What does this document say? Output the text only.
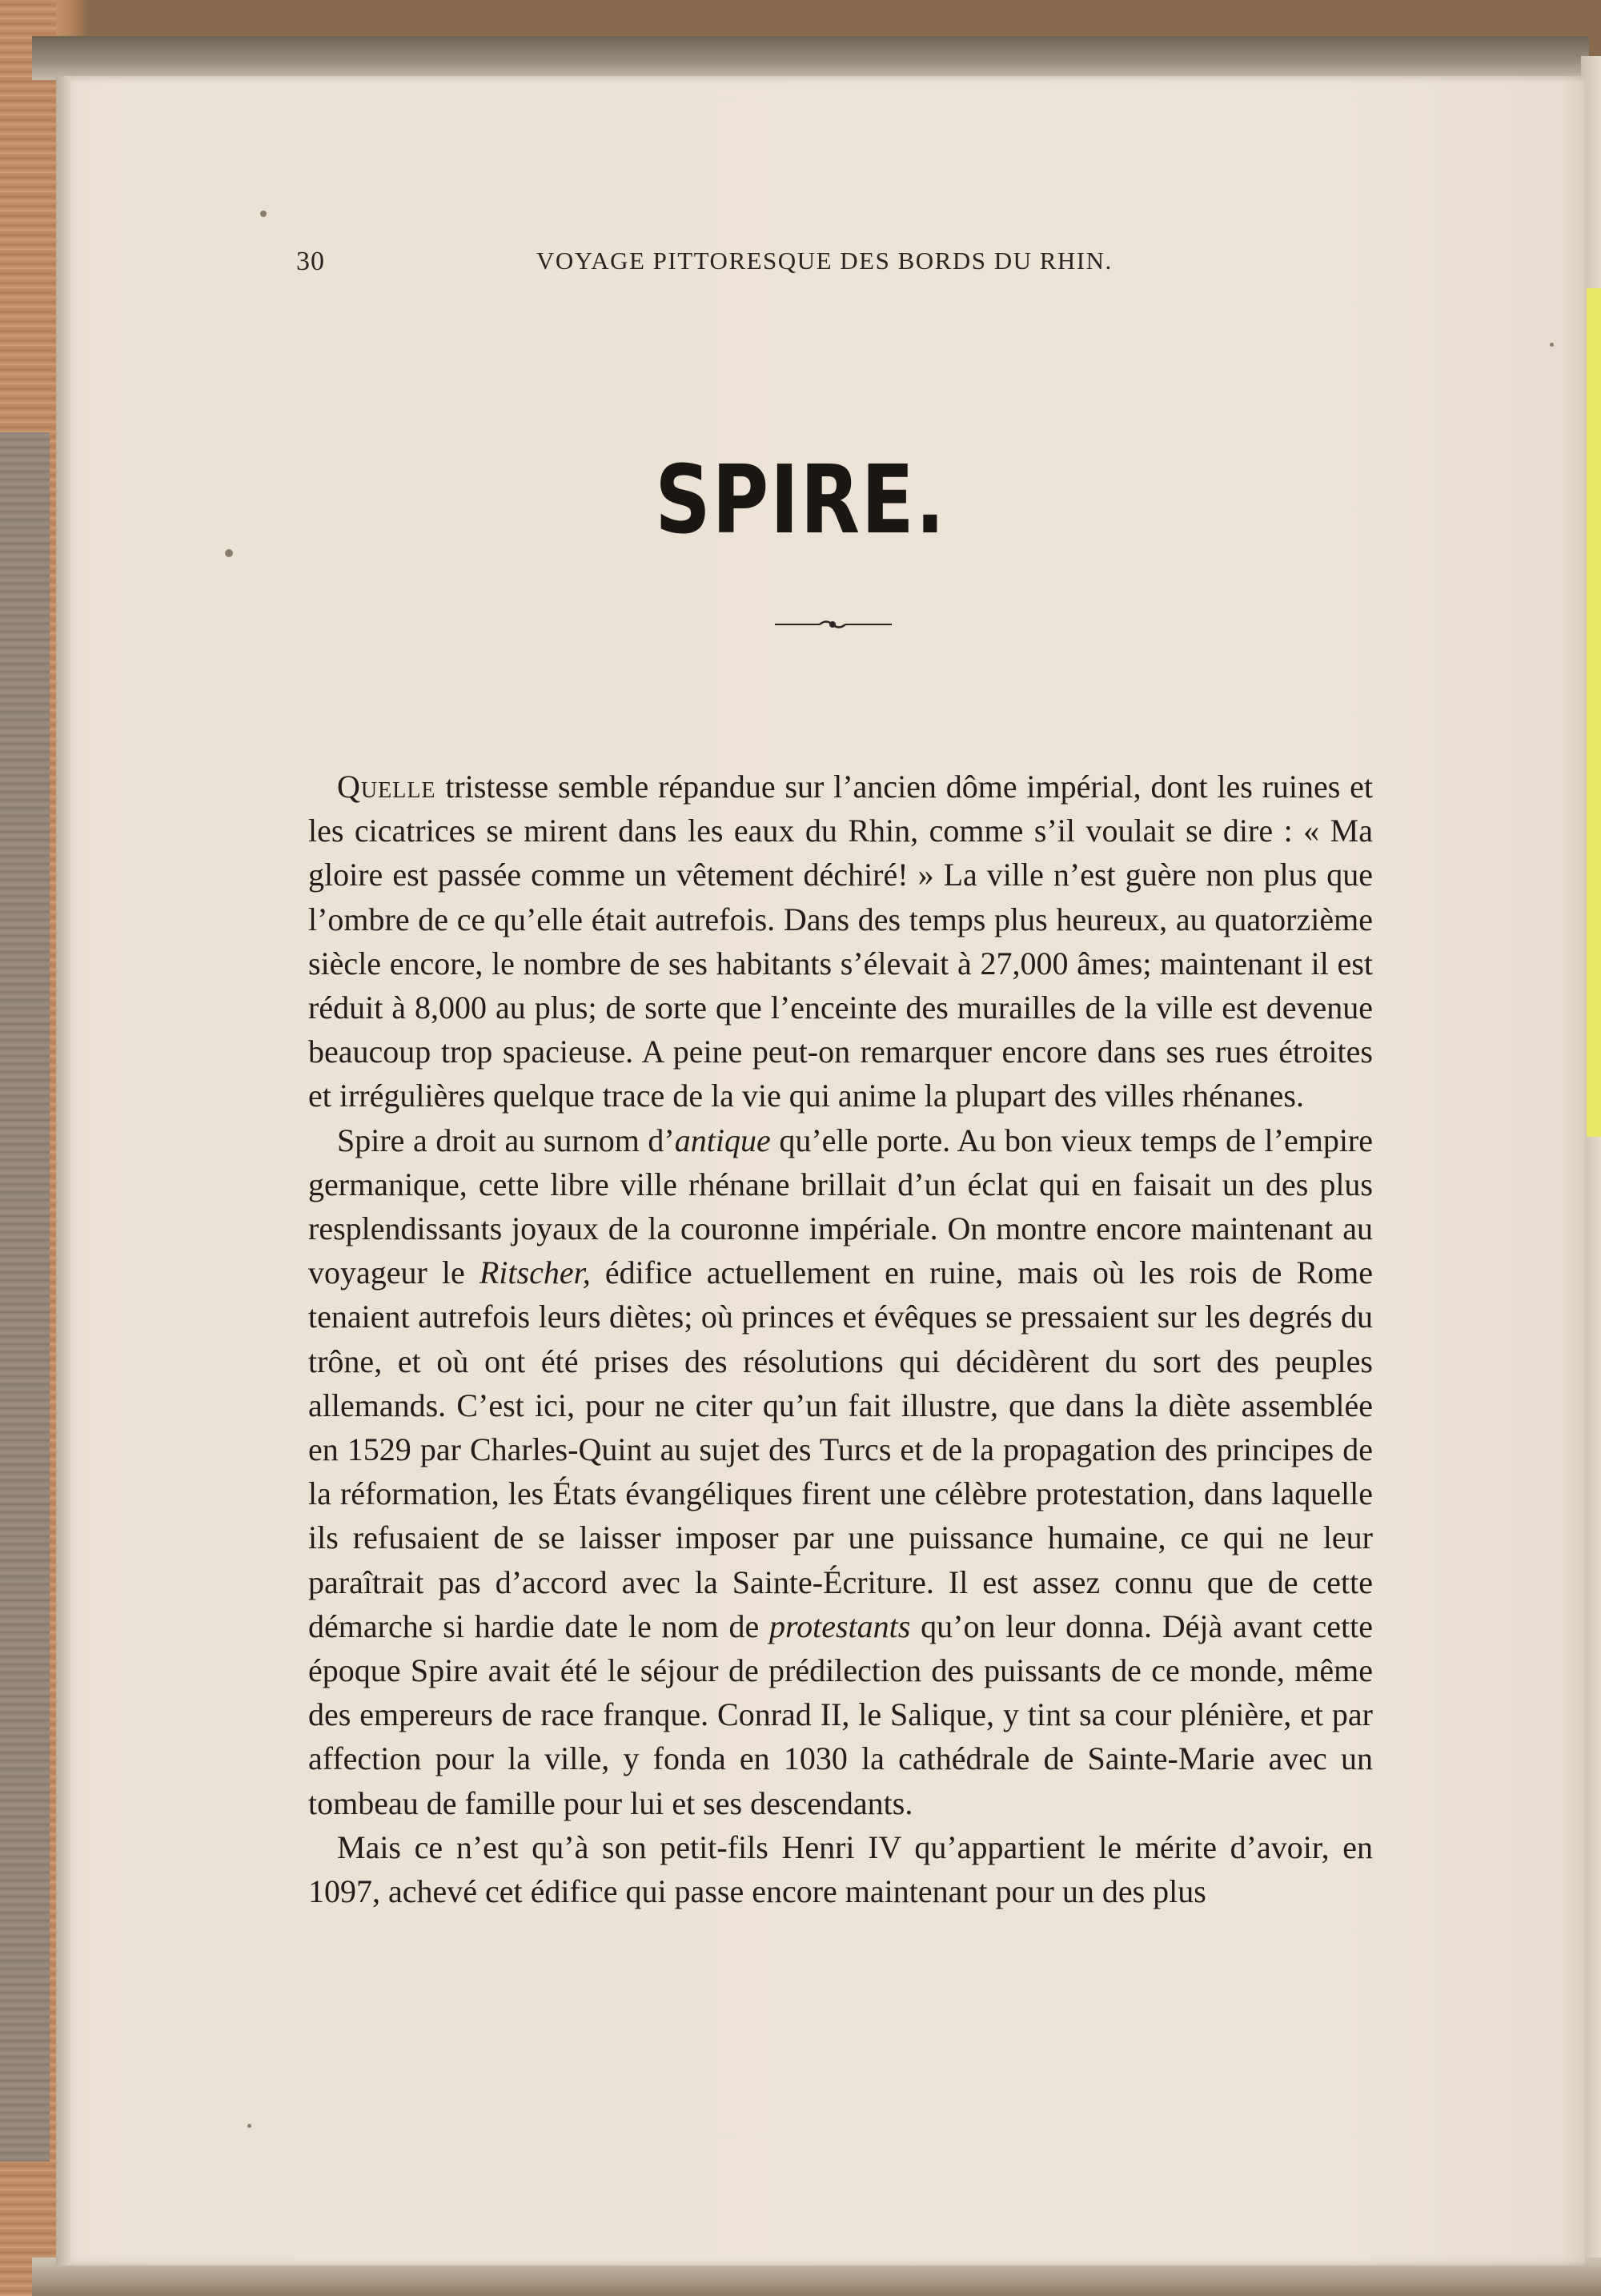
30	VOYAGE PITTORESQUE DES BORDS DU RHIN.
SPIRE.

Quelle tristesse semble répandue sur l’ancien dôme impérial, dont les ruines et les cicatrices se mirent dans les eaux du Rhin, comme s’il voulait se dire : « Ma gloire est passée comme un vêtement déchiré! » La ville n’est guère non plus que l’ombre de ce qu’elle était autrefois. Dans des temps plus heureux, au quatorzième siècle encore, le nombre de ses habitants s’élevait à 27,000 âmes; maintenant il est réduit à 8,000 au plus; de sorte que l’enceinte des murailles de la ville est devenue beaucoup trop spacieuse. A peine peut-on remarquer encore dans ses rues étroites et irrégulières quelque trace de la vie qui anime la plupart des villes rhénanes.

Spire a droit au surnom d’antique qu’elle porte. Au bon vieux temps de l’empire germanique, cette libre ville rhénane brillait d’un éclat qui en faisait un des plus resplendissants joyaux de la couronne impériale. On montre encore maintenant au voyageur le Ritscher, édifice actuellement en ruine, mais où les rois de Rome tenaient autrefois leurs diètes; où princes et évêques se pressaient sur les degrés du trône, et où ont été prises des résolutions qui décidèrent du sort des peuples allemands. C’est ici, pour ne citer qu’un fait illustre, que dans la diète assemblée en 1529 par Charles-Quint au sujet des Turcs et de la propagation des principes de la réformation, les États évangéliques firent une célèbre protestation, dans laquelle ils refusaient de se laisser imposer par une puissance humaine, ce qui ne leur paraîtrait pas d’accord avec la Sainte-Écriture. Il est assez connu que de cette démarche si hardie date le nom de protestants qu’on leur donna. Déjà avant cette époque Spire avait été le séjour de prédilection des puissants de ce monde, même des empereurs de race franque. Conrad II, le Salique, y tint sa cour plénière, et par affection pour la ville, y fonda en 1030 la cathédrale de Sainte-Marie avec un tombeau de famille pour lui et ses descendants.

Mais ce n’est qu’à son petit-fils Henri IV qu’appartient le mérite d’avoir, en 1097, achevé cet édifice qui passe encore maintenant pour un des plus
